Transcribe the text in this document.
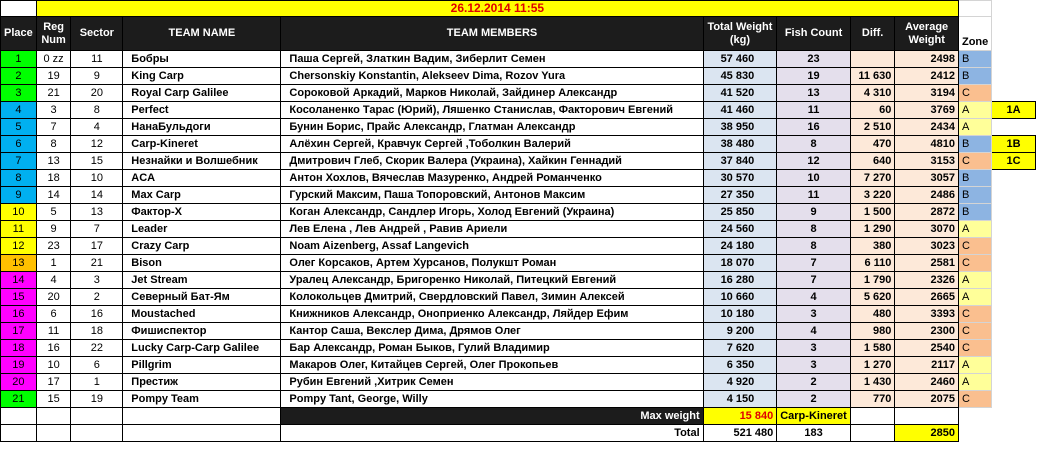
	26.12.2014 11:55										
Place	Reg Num	Sector	TEAM NAME	TEAM MEMBERS	Total Weight (kg)	Fish Count	Diff.	Average Weight	Zone		
1	0 zz	11	Бобры	Паша Сергей, Златкин Вадим, Зиберлит Семен	57 460	23		2498	B		
2	19	9	King Carp	Chersonskiy Konstantin, Alekseev Dima, Rozov Yura	45 830	19	11 630	2412	B		
3	21	20	Royal Carp Galilee	Сороковой Аркадий, Марков Николай, Зайдинер Александр	41 520	13	4 310	3194	C		
4	3	8	Perfect	Косоланенко Тарас (Юрий), Ляшенко Станислав, Факторович Евгений	41 460	11	60	3769	A	1A	
5	7	4	НанаБульдоги	Бунин Борис, Прайс Александр, Глатман Александр	38 950	16	2 510	2434	A		
6	8	12	Carp-Kineret	Алёхин Сергей, Кравчук Сергей ,Тоболкин Валерий	38 480	8	470	4810	B	1B	
7	13	15	Незнайки и Волшебник	Дмитрович Глеб, Скорик Валера (Украина), Хайкин Геннадий	37 840	12	640	3153	C	1C	
8	18	10	ACA	Антон Хохлов, Вячеслав Мазуренко, Андрей Романченко	30 570	10	7 270	3057	B		
9	14	14	Max Carp	Гурский Максим, Паша Топоровский, Антонов Максим	27 350	11	3 220	2486	B		
10	5	13	Фактор-Х	Коган Александр, Сандлер Игорь, Холод Евгений (Украина)	25 850	9	1 500	2872	B		
11	9	7	Leader	Лев Елена , Лев Андрей , Равив Ариели	24 560	8	1 290	3070	A		
12	23	17	Crazy Carp	Noam Aizenberg, Assaf Langevich	24 180	8	380	3023	C		
13	1	21	Bison	Олег Корсаков, Артем Хурсанов, Полукшт Роман	18 070	7	6 110	2581	C		
14	4	3	Jet Stream	Уралец Александр, Бригоренко Николай, Питецкий Евгений	16 280	7	1 790	2326	A		
15	20	2	Северный Бат-Ям	Колокольцев Дмитрий, Свердловский Павел, Зимин Алексей	10 660	4	5 620	2665	A		
16	6	16	Moustached	Книжников Александр, Оноприенко Александр, Ляйдер Ефим	10 180	3	480	3393	C		
17	11	18	Фишиспектор	Кантор Саша, Векслер Дима, Дрямов Олег	9 200	4	980	2300	C		
18	16	22	Lucky Carp-Carp Galilee	Бар Александр, Роман Быков, Гулий Владимир	7 620	3	1 580	2540	C		
19	10	6	Pillgrim	Макаров Олег, Китайцев Сергей, Олег Прокопьев	6 350	3	1 270	2117	A		
20	17	1	Престиж	Рубин Евгений ,Хитрик Семен	4 920	2	1 430	2460	A		
21	15	19	Pompy Team	Pompy Tant, George, Willy	4 150	2	770	2075	C		
				Max weight	15 840	Carp-Kineret					
				Total	521 480	183		2850			
